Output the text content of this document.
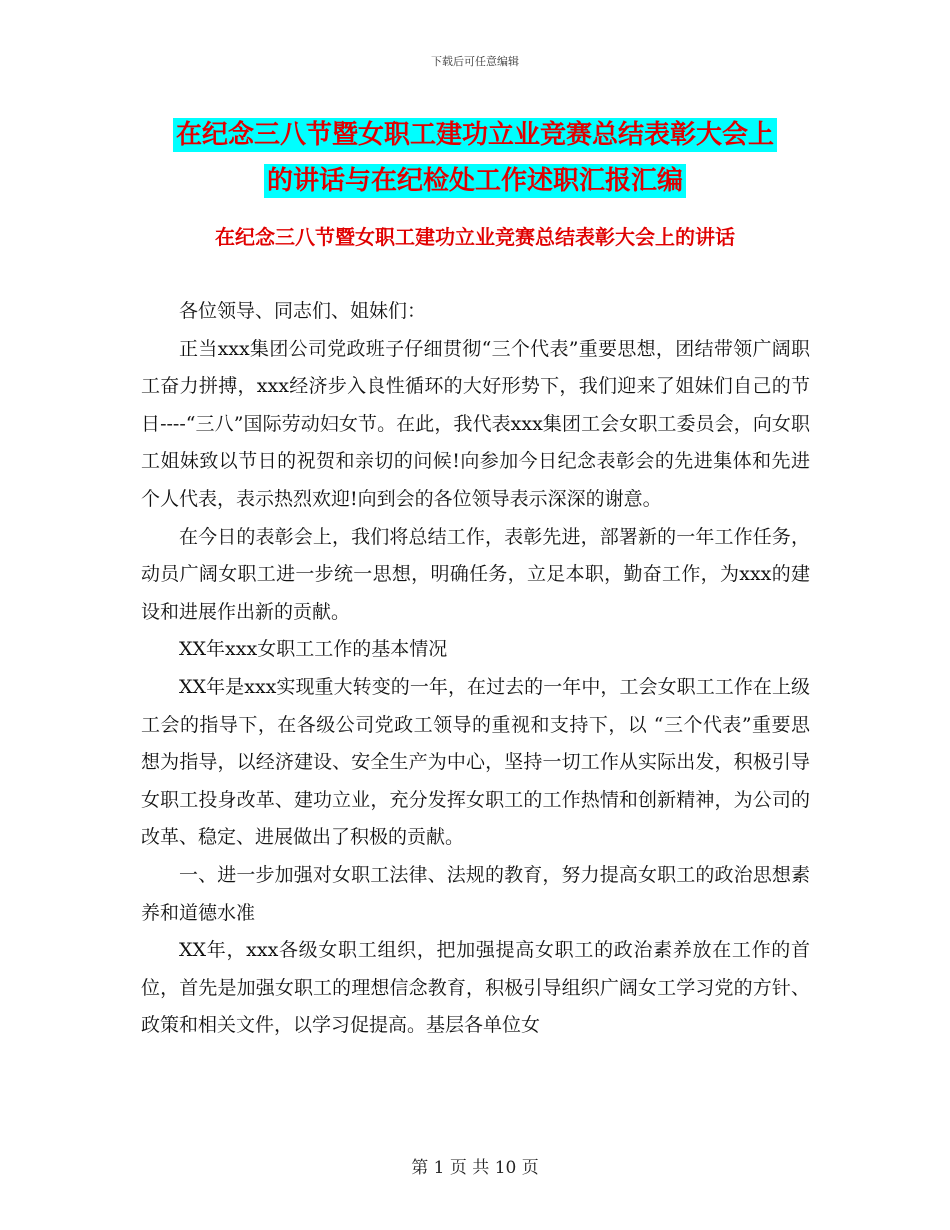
下载后可任意编辑
在纪念三八节暨女职工建功立业竞赛总结表彰大会上
的讲话与在纪检处工作述职汇报汇编
在纪念三八节暨女职工建功立业竞赛总结表彰大会上的讲话

各位领导、同志们、姐妹们：

正当xxx集团公司党政班子仔细贯彻“三个代表”重要思想，团结带领广阔职工奋力拼搏，xxx经济步入良性循环的大好形势下，我们迎来了姐妹们自己的节日----“三八”国际劳动妇女节。在此，我代表xxx集团工会女职工委员会，向女职工姐妹致以节日的祝贺和亲切的问候!向参加今日纪念表彰会的先进集体和先进个人代表，表示热烈欢迎!向到会的各位领导表示深深的谢意。

在今日的表彰会上，我们将总结工作，表彰先进，部署新的一年工作任务，动员广阔女职工进一步统一思想，明确任务，立足本职，勤奋工作，为xxx的建设和进展作出新的贡献。

XX年xxx女职工工作的基本情况

XX年是xxx实现重大转变的一年，在过去的一年中，工会女职工工作在上级工会的指导下，在各级公司党政工领导的重视和支持下，以 “三个代表”重要思想为指导，以经济建设、安全生产为中心，坚持一切工作从实际出发，积极引导女职工投身改革、建功立业，充分发挥女职工的工作热情和创新精神，为公司的改革、稳定、进展做出了积极的贡献。

一、进一步加强对女职工法律、法规的教育，努力提高女职工的政治思想素养和道德水准

XX年，xxx各级女职工组织，把加强提高女职工的政治素养放在工作的首位，首先是加强女职工的理想信念教育，积极引导组织广阔女工学习党的方针、政策和相关文件，以学习促提高。基层各单位女

第 1 页 共 10 页
